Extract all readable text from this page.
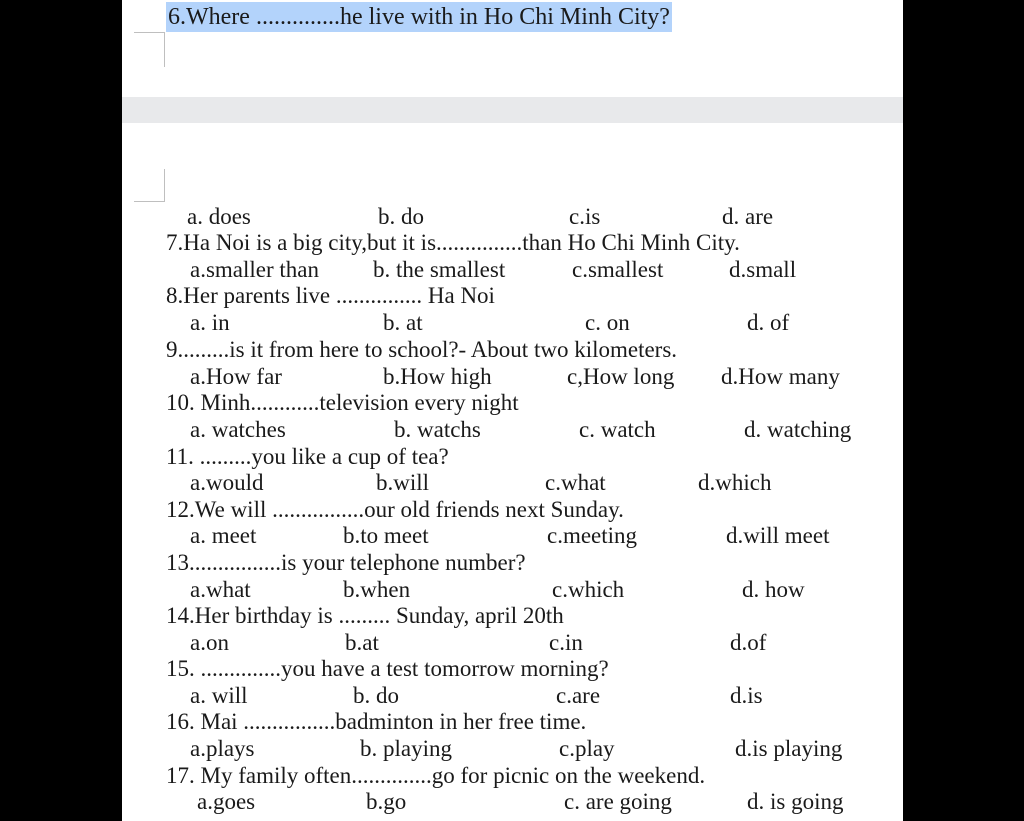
6.Where ..............he live with in Ho Chi Minh City?
a. does	b. do	c.is	d. are
7.Ha Noi is a big city,but it is...............than Ho Chi Minh City.
a.smaller than b. the smallest	c.smallest	d.small
8.Her parents live ............... Ha Noi
a. in	b. at	c. on	d. of
9.........is it from here to school?- About two kilometers.
a.How far	b.How high	c,How long d.How many
10. Minh............television every night
a. watches	b. watchs	c. watch	d. watching
11. .........you like a cup of tea?
a.would	b.will	c.what	d.which
12.We will ................our old friends next Sunday.
a. meet	b.to meet	c.meeting	d.will meet
13................is your telephone number?
a.what	b.when	c.which	d. how
14.Her birthday is ......... Sunday, april 20th
a.on	b.at	c.in	d.of
15. ..............you have a test tomorrow morning?
a. will	b. do	c.are	d.is
16. Mai ................badminton in her free time.
a.plays	b. playing	c.play	d.is playing
17. My family often..............go for picnic on the weekend.
a.goes	b.go	c. are going	d. is going
